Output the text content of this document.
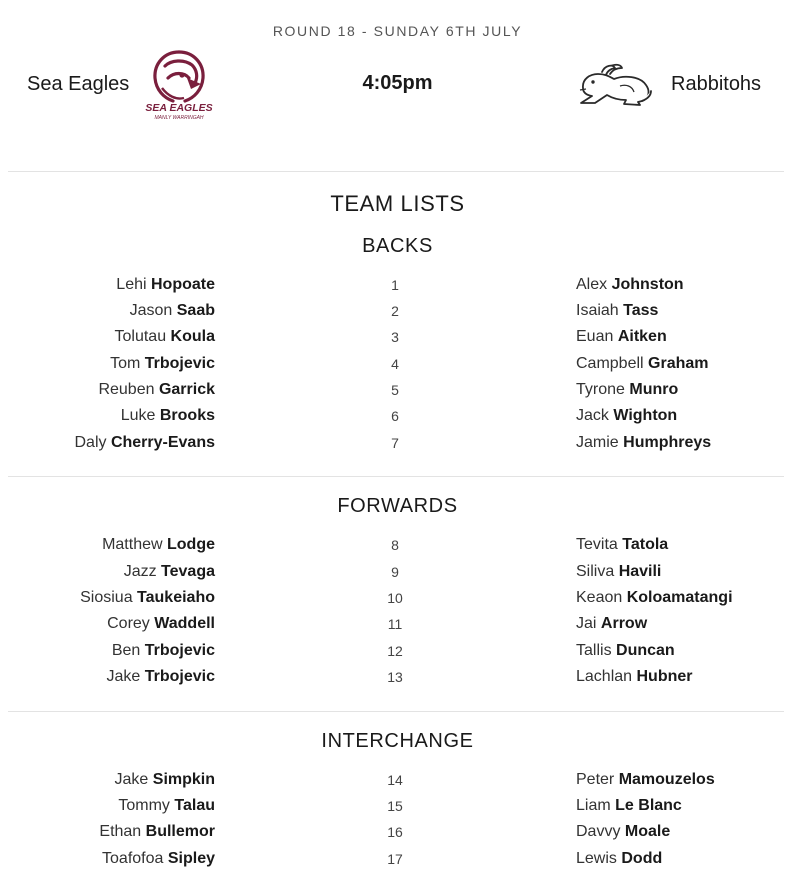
ROUND 18 - SUNDAY 6TH JULY
Sea Eagles
SEA EAGLES
MANLY WARRINGAH
4:05pm	Rabbitohs
TEAM LISTS
BACKS
Lehi Hopoate	1	Alex Johnston
Jason Saab	2	Isaiah Tass
Tolutau Koula	3	Euan Aitken
Tom Trbojevic	4	Campbell Graham
Reuben Garrick	5	Tyrone Munro
Luke Brooks	6	Jack Wighton
Daly Cherry-Evans	7	Jamie Humphreys
FORWARDS
Matthew Lodge	8	Tevita Tatola
Jazz Tevaga	9	Siliva Havili
Siosiua Taukeiaho	10	Keaon Koloamatangi
Corey Waddell	11	Jai Arrow
Ben Trbojevic	12	Tallis Duncan
Jake Trbojevic	13	Lachlan Hubner
INTERCHANGE
Jake Simpkin	14	Peter Mamouzelos
Tommy Talau	15	Liam Le Blanc
Ethan Bullemor	16	Davvy Moale
Toafofoa Sipley	17	Lewis Dodd
